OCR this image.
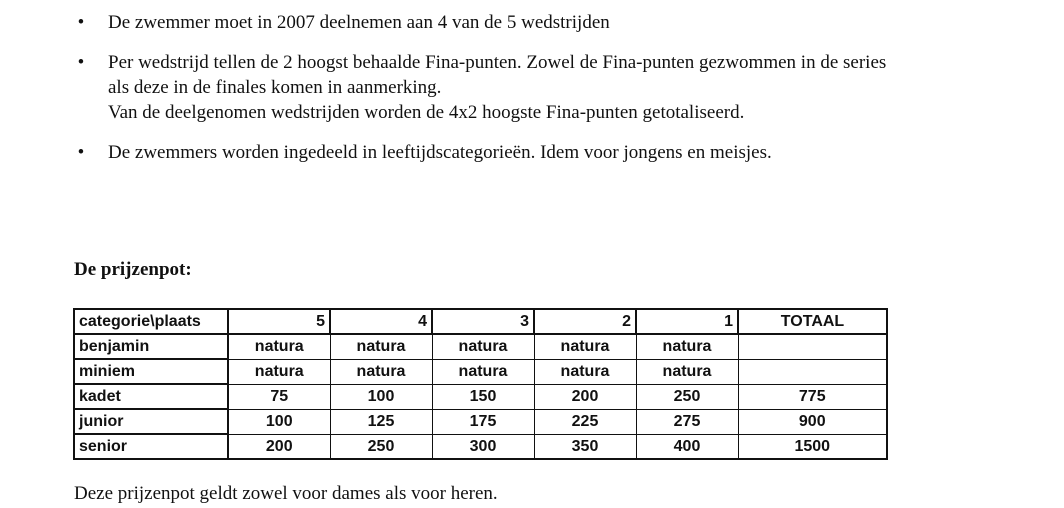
• De zwemmer moet in 2007 deelnemen aan 4 van de 5 wedstrijden
• Per wedstrijd tellen de 2 hoogst behaalde Fina-punten. Zowel de Fina-punten gezwommen in de series
als deze in de finales komen in aanmerking.
Van de deelgenomen wedstrijden worden de 4x2 hoogste Fina-punten getotaliseerd.
• De zwemmers worden ingedeeld in leeftijdscategorieën. Idem voor jongens en meisjes.
De prijzenpot:
categorie\plaats	5	4	3	2	1	TOTAAL
benjamin	natura	natura	natura	natura	natura	
miniem	natura	natura	natura	natura	natura	
kadet	75	100	150	200	250	775
junior	100	125	175	225	275	900
senior	200	250	300	350	400	1500

Deze prijzenpot geldt zowel voor dames als voor heren.
